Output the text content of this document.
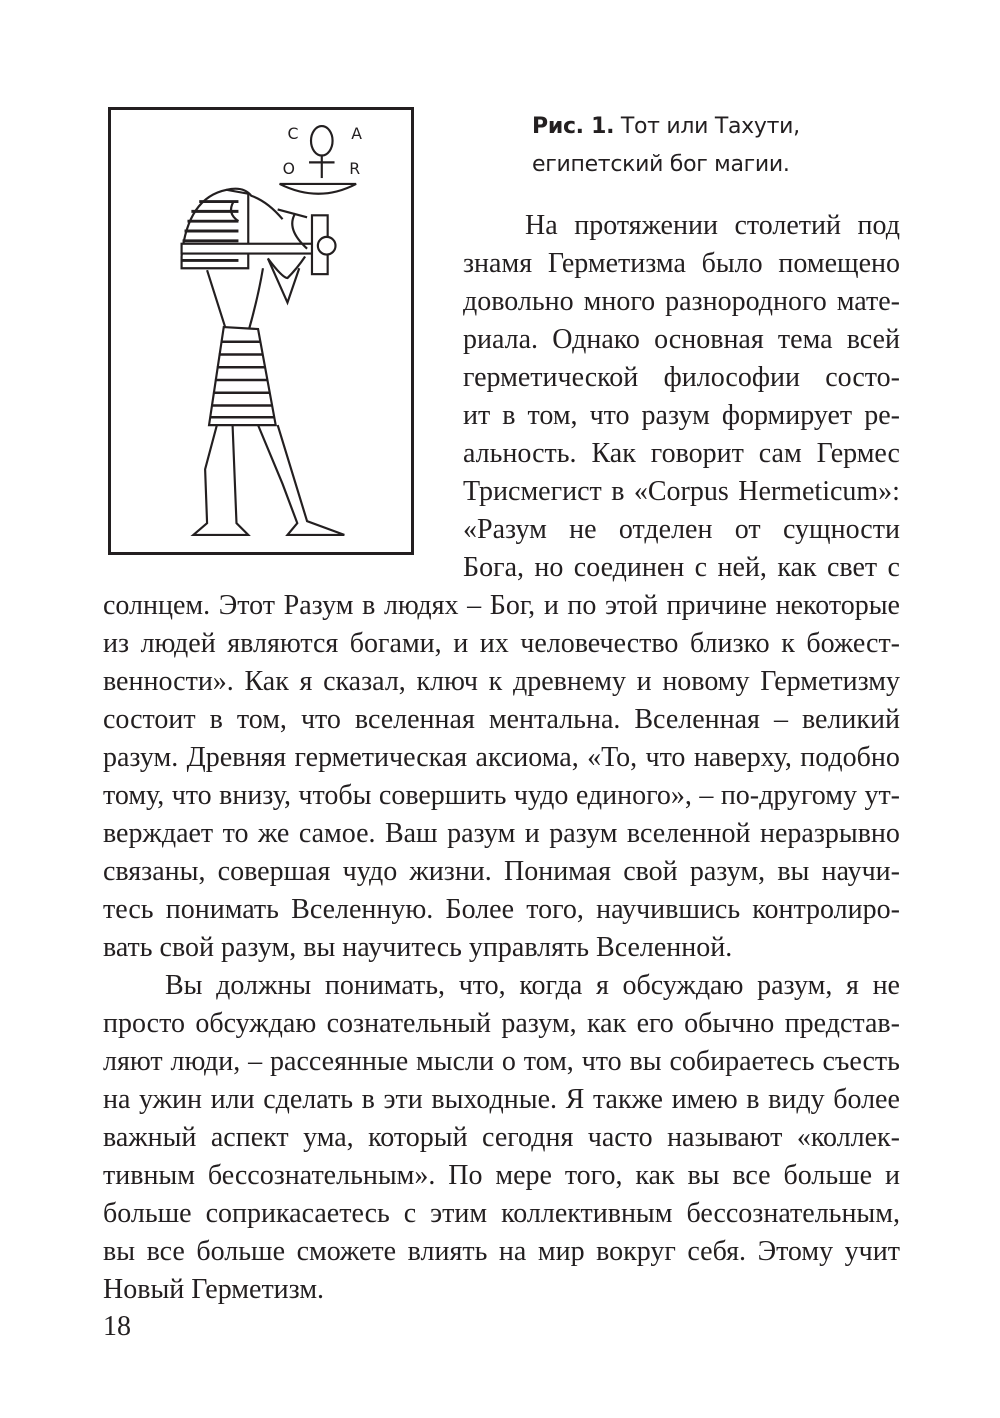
C	A
O	R
Рис. 1. Тот или Тахути,
египетский бог магии.
На протяжении столетий под
знамя Герметизма было помещено
довольно много разнородного мате-
риала. Однако основная тема всей
герметической философии состо-
ит в том, что разум формирует ре-
альность. Как говорит сам Гермес
Трисмегист в «Corpus Hermeticum»:
«Разум не отделен от сущности
Бога, но соединен с ней, как свет с
солнцем. Этот Разум в людях – Бог, и по этой причине некоторые
из людей являются богами, и их человечество близко к божест-
венности». Как я сказал, ключ к древнему и новому Герметизму
состоит в том, что вселенная ментальна. Вселенная – великий
разум. Древняя герметическая аксиома, «То, что наверху, подобно
тому, что внизу, чтобы совершить чудо единого», – по-другому ут-
верждает то же самое. Ваш разум и разум вселенной неразрывно
связаны, совершая чудо жизни. Понимая свой разум, вы научи-
тесь понимать Вселенную. Более того, научившись контролиро-
вать свой разум, вы научитесь управлять Вселенной.
Вы должны понимать, что, когда я обсуждаю разум, я не
просто обсуждаю сознательный разум, как его обычно представ-
ляют люди, – рассеянные мысли о том, что вы собираетесь съесть
на ужин или сделать в эти выходные. Я также имею в виду более
важный аспект ума, который сегодня часто называют «коллек-
тивным бессознательным». По мере того, как вы все больше и
больше соприкасаетесь с этим коллективным бессознательным,
вы все больше сможете влиять на мир вокруг себя. Этому учит
Новый Герметизм.
18
